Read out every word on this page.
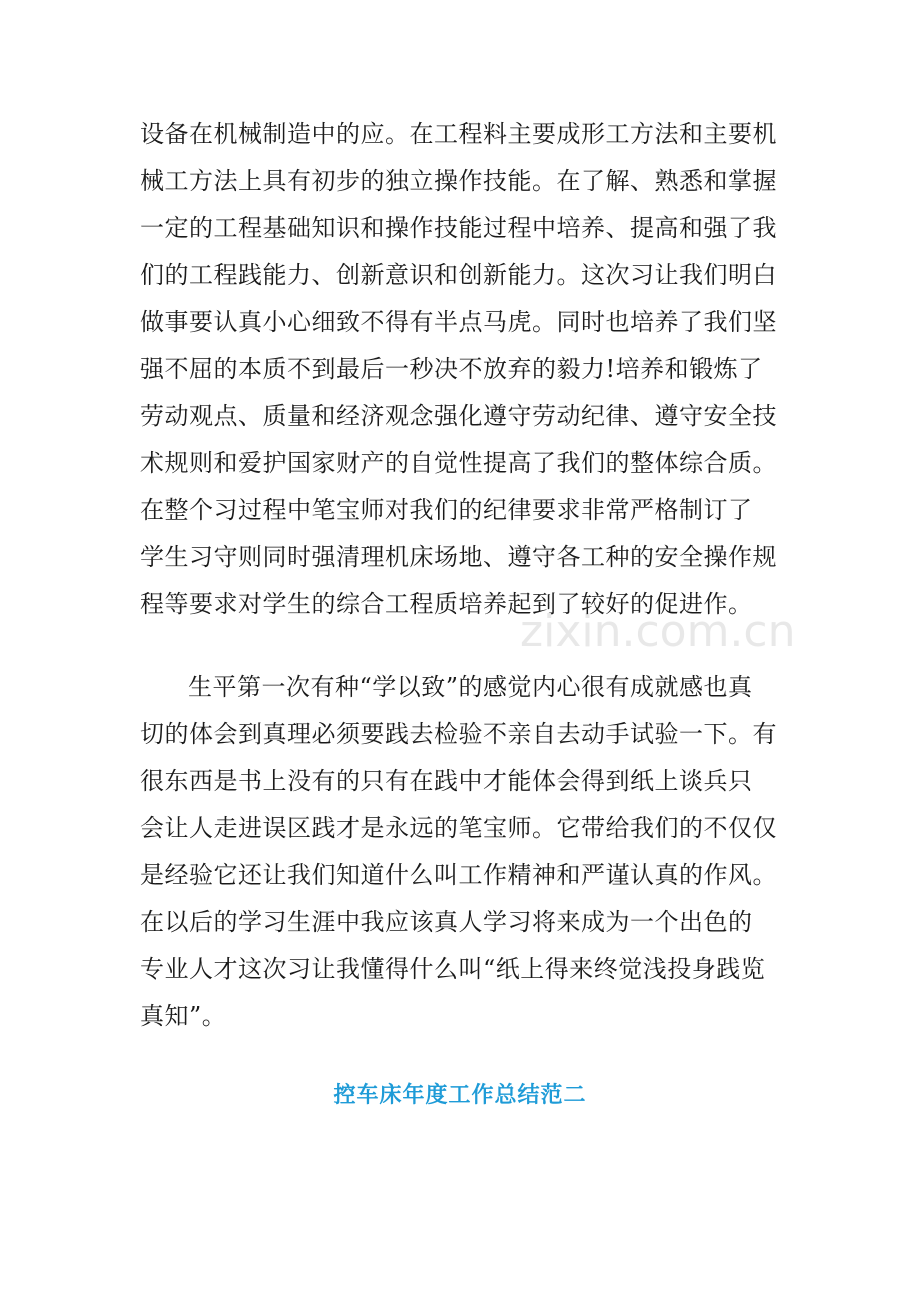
zixin.com.cn
设备在机械制造中的应。在工程料主要成形工方法和主要机
械工方法上具有初步的独立操作技能。在了解、熟悉和掌握
一定的工程基础知识和操作技能过程中培养、提高和强了我
们的工程践能力、创新意识和创新能力。这次习让我们明白
做事要认真小心细致不得有半点马虎。同时也培养了我们坚
强不屈的本质不到最后一秒决不放弃的毅力!培养和锻炼了
劳动观点、质量和经济观念强化遵守劳动纪律、遵守安全技
术规则和爱护国家财产的自觉性提高了我们的整体综合质。
在整个习过程中笔宝师对我们的纪律要求非常严格制订了
学生习守则同时强清理机床场地、遵守各工种的安全操作规
程等要求对学生的综合工程质培养起到了较好的促进作。
生平第一次有种“学以致”的感觉内心很有成就感也真
切的体会到真理必须要践去检验不亲自去动手试验一下。有
很东西是书上没有的只有在践中才能体会得到纸上谈兵只
会让人走进误区践才是永远的笔宝师。它带给我们的不仅仅
是经验它还让我们知道什么叫工作精神和严谨认真的作风。
在以后的学习生涯中我应该真人学习将来成为一个出色的
专业人才这次习让我懂得什么叫“纸上得来终觉浅投身践览
真知”。
控车床年度工作总结范二
